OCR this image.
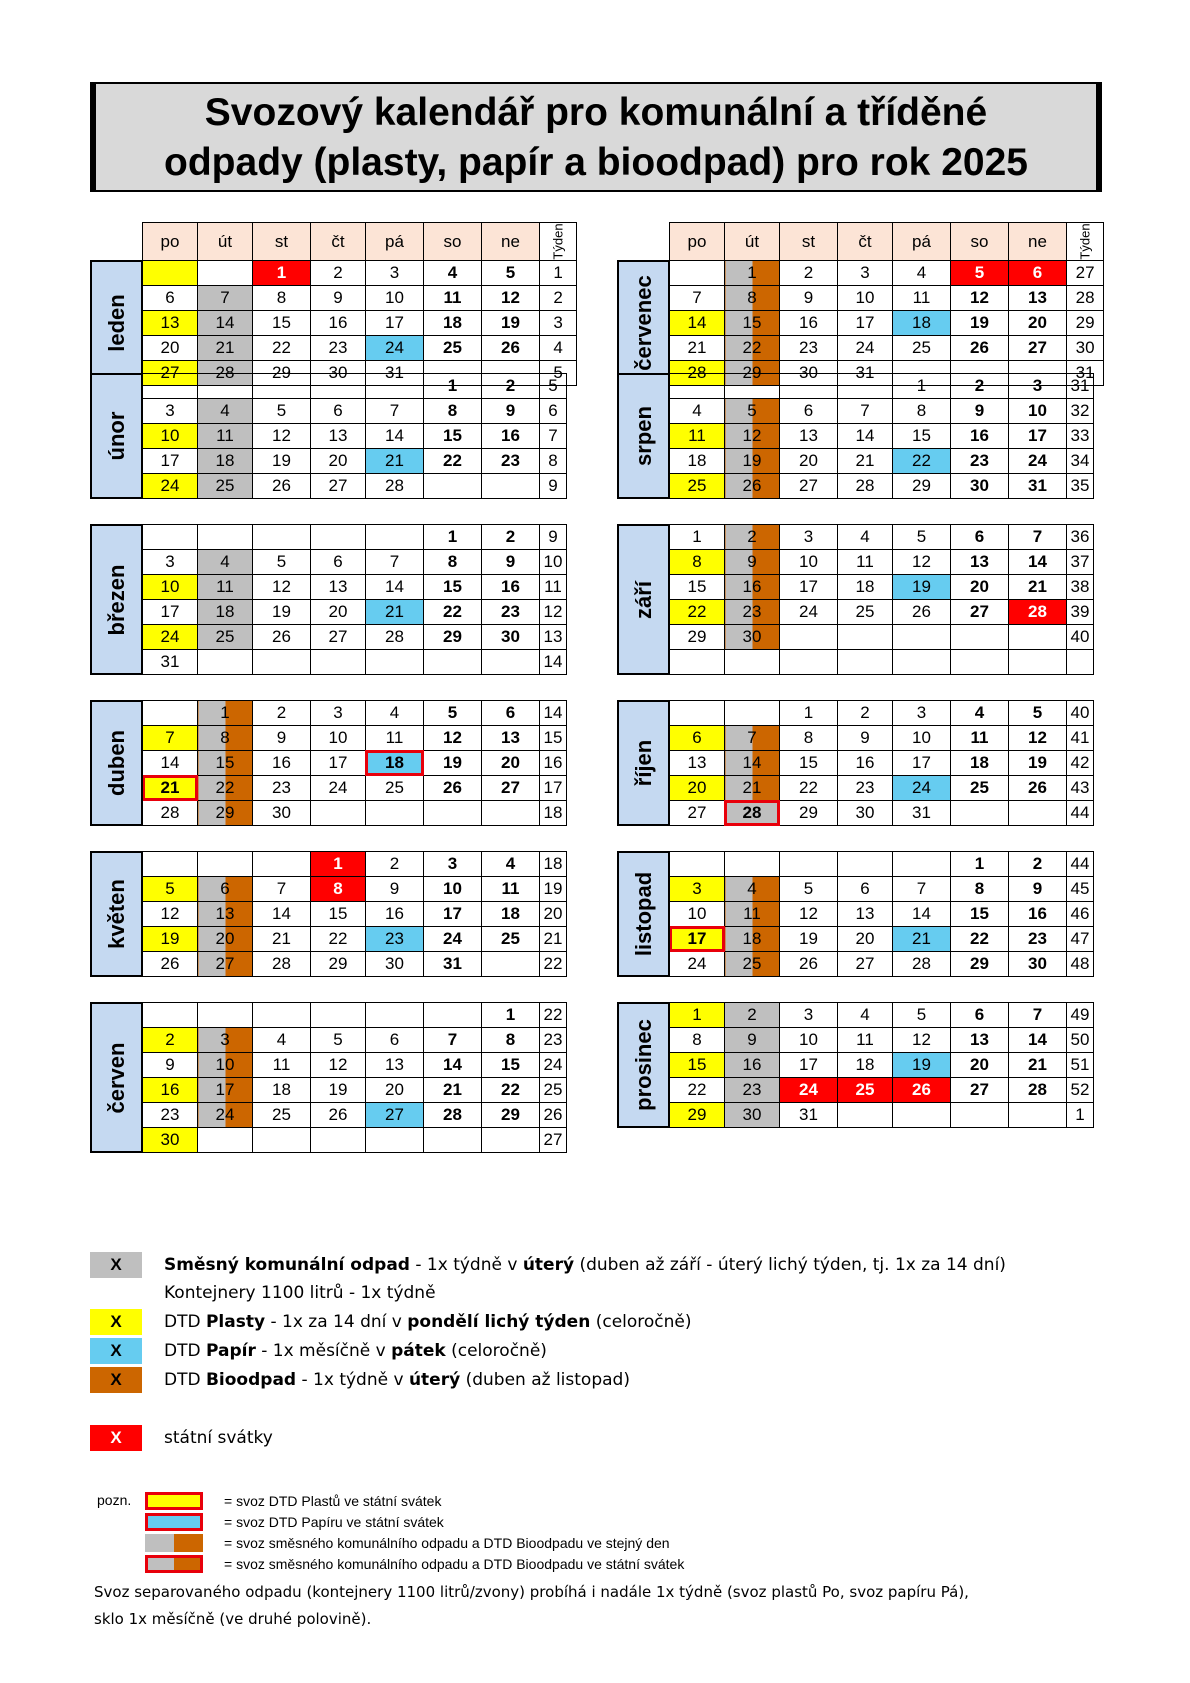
Svozový kalendář pro komunální a tříděné
odpady (plasty, papír a bioodpad) pro rok 2025
po	út	st	čt	pá	so	ne	Týden

		1	2	3	4	5	1
6	7	8	9	10	11	12	2
13	14	15	16	17	18	19	3
20	21	22	23	24	25	26	4
27	28	29	30	31			5
leden
po	út	st	čt	pá	so	ne	Týden

	1	2	3	4	5	6	27
7	8	9	10	11	12	13	28
14	15	16	17	18	19	20	29
21	22	23	24	25	26	27	30
28	29	30	31				31
červenec
					1	2	5
3	4	5	6	7	8	9	6
10	11	12	13	14	15	16	7
17	18	19	20	21	22	23	8
24	25	26	27	28			9
únor
				1	2	3	31
4	5	6	7	8	9	10	32
11	12	13	14	15	16	17	33
18	19	20	21	22	23	24	34
25	26	27	28	29	30	31	35
srpen
					1	2	9
3	4	5	6	7	8	9	10
10	11	12	13	14	15	16	11
17	18	19	20	21	22	23	12
24	25	26	27	28	29	30	13
31							14
březen
1	2	3	4	5	6	7	36
8	9	10	11	12	13	14	37
15	16	17	18	19	20	21	38
22	23	24	25	26	27	28	39
29	30						40

září
	1	2	3	4	5	6	14
7	8	9	10	11	12	13	15
14	15	16	17	18	19	20	16
21	22	23	24	25	26	27	17
28	29	30					18
duben
		1	2	3	4	5	40
6	7	8	9	10	11	12	41
13	14	15	16	17	18	19	42
20	21	22	23	24	25	26	43
27	28	29	30	31			44
říjen
			1	2	3	4	18
5	6	7	8	9	10	11	19
12	13	14	15	16	17	18	20
19	20	21	22	23	24	25	21
26	27	28	29	30	31		22
květen
					1	2	44
3	4	5	6	7	8	9	45
10	11	12	13	14	15	16	46
17	18	19	20	21	22	23	47
24	25	26	27	28	29	30	48
listopad
						1	22
2	3	4	5	6	7	8	23
9	10	11	12	13	14	15	24
16	17	18	19	20	21	22	25
23	24	25	26	27	28	29	26
30							27
červen
1	2	3	4	5	6	7	49
8	9	10	11	12	13	14	50
15	16	17	18	19	20	21	51
22	23	24	25	26	27	28	52
29	30	31					1
prosinec
X	Směsný komunální odpad - 1x týdně v úterý (duben až září - úterý lichý týden, tj. 1x za 14 dní)
Kontejnery 1100 litrů - 1x týdně
X	DTD Plasty - 1x za 14 dní v pondělí lichý týden (celoročně)
X	DTD Papír - 1x měsíčně v pátek (celoročně)
X	DTD Bioodpad - 1x týdně v úterý (duben až listopad)
X	státní svátky
pozn.	= svoz DTD Plastů ve státní svátek
= svoz DTD Papíru ve státní svátek
= svoz směsného komunálního odpadu a DTD Bioodpadu ve stejný den
= svoz směsného komunálního odpadu a DTD Bioodpadu ve státní svátek
Svoz separovaného odpadu (kontejnery 1100 litrů/zvony) probíhá i nadále 1x týdně (svoz plastů Po, svoz papíru Pá),
sklo 1x měsíčně (ve druhé polovině).
